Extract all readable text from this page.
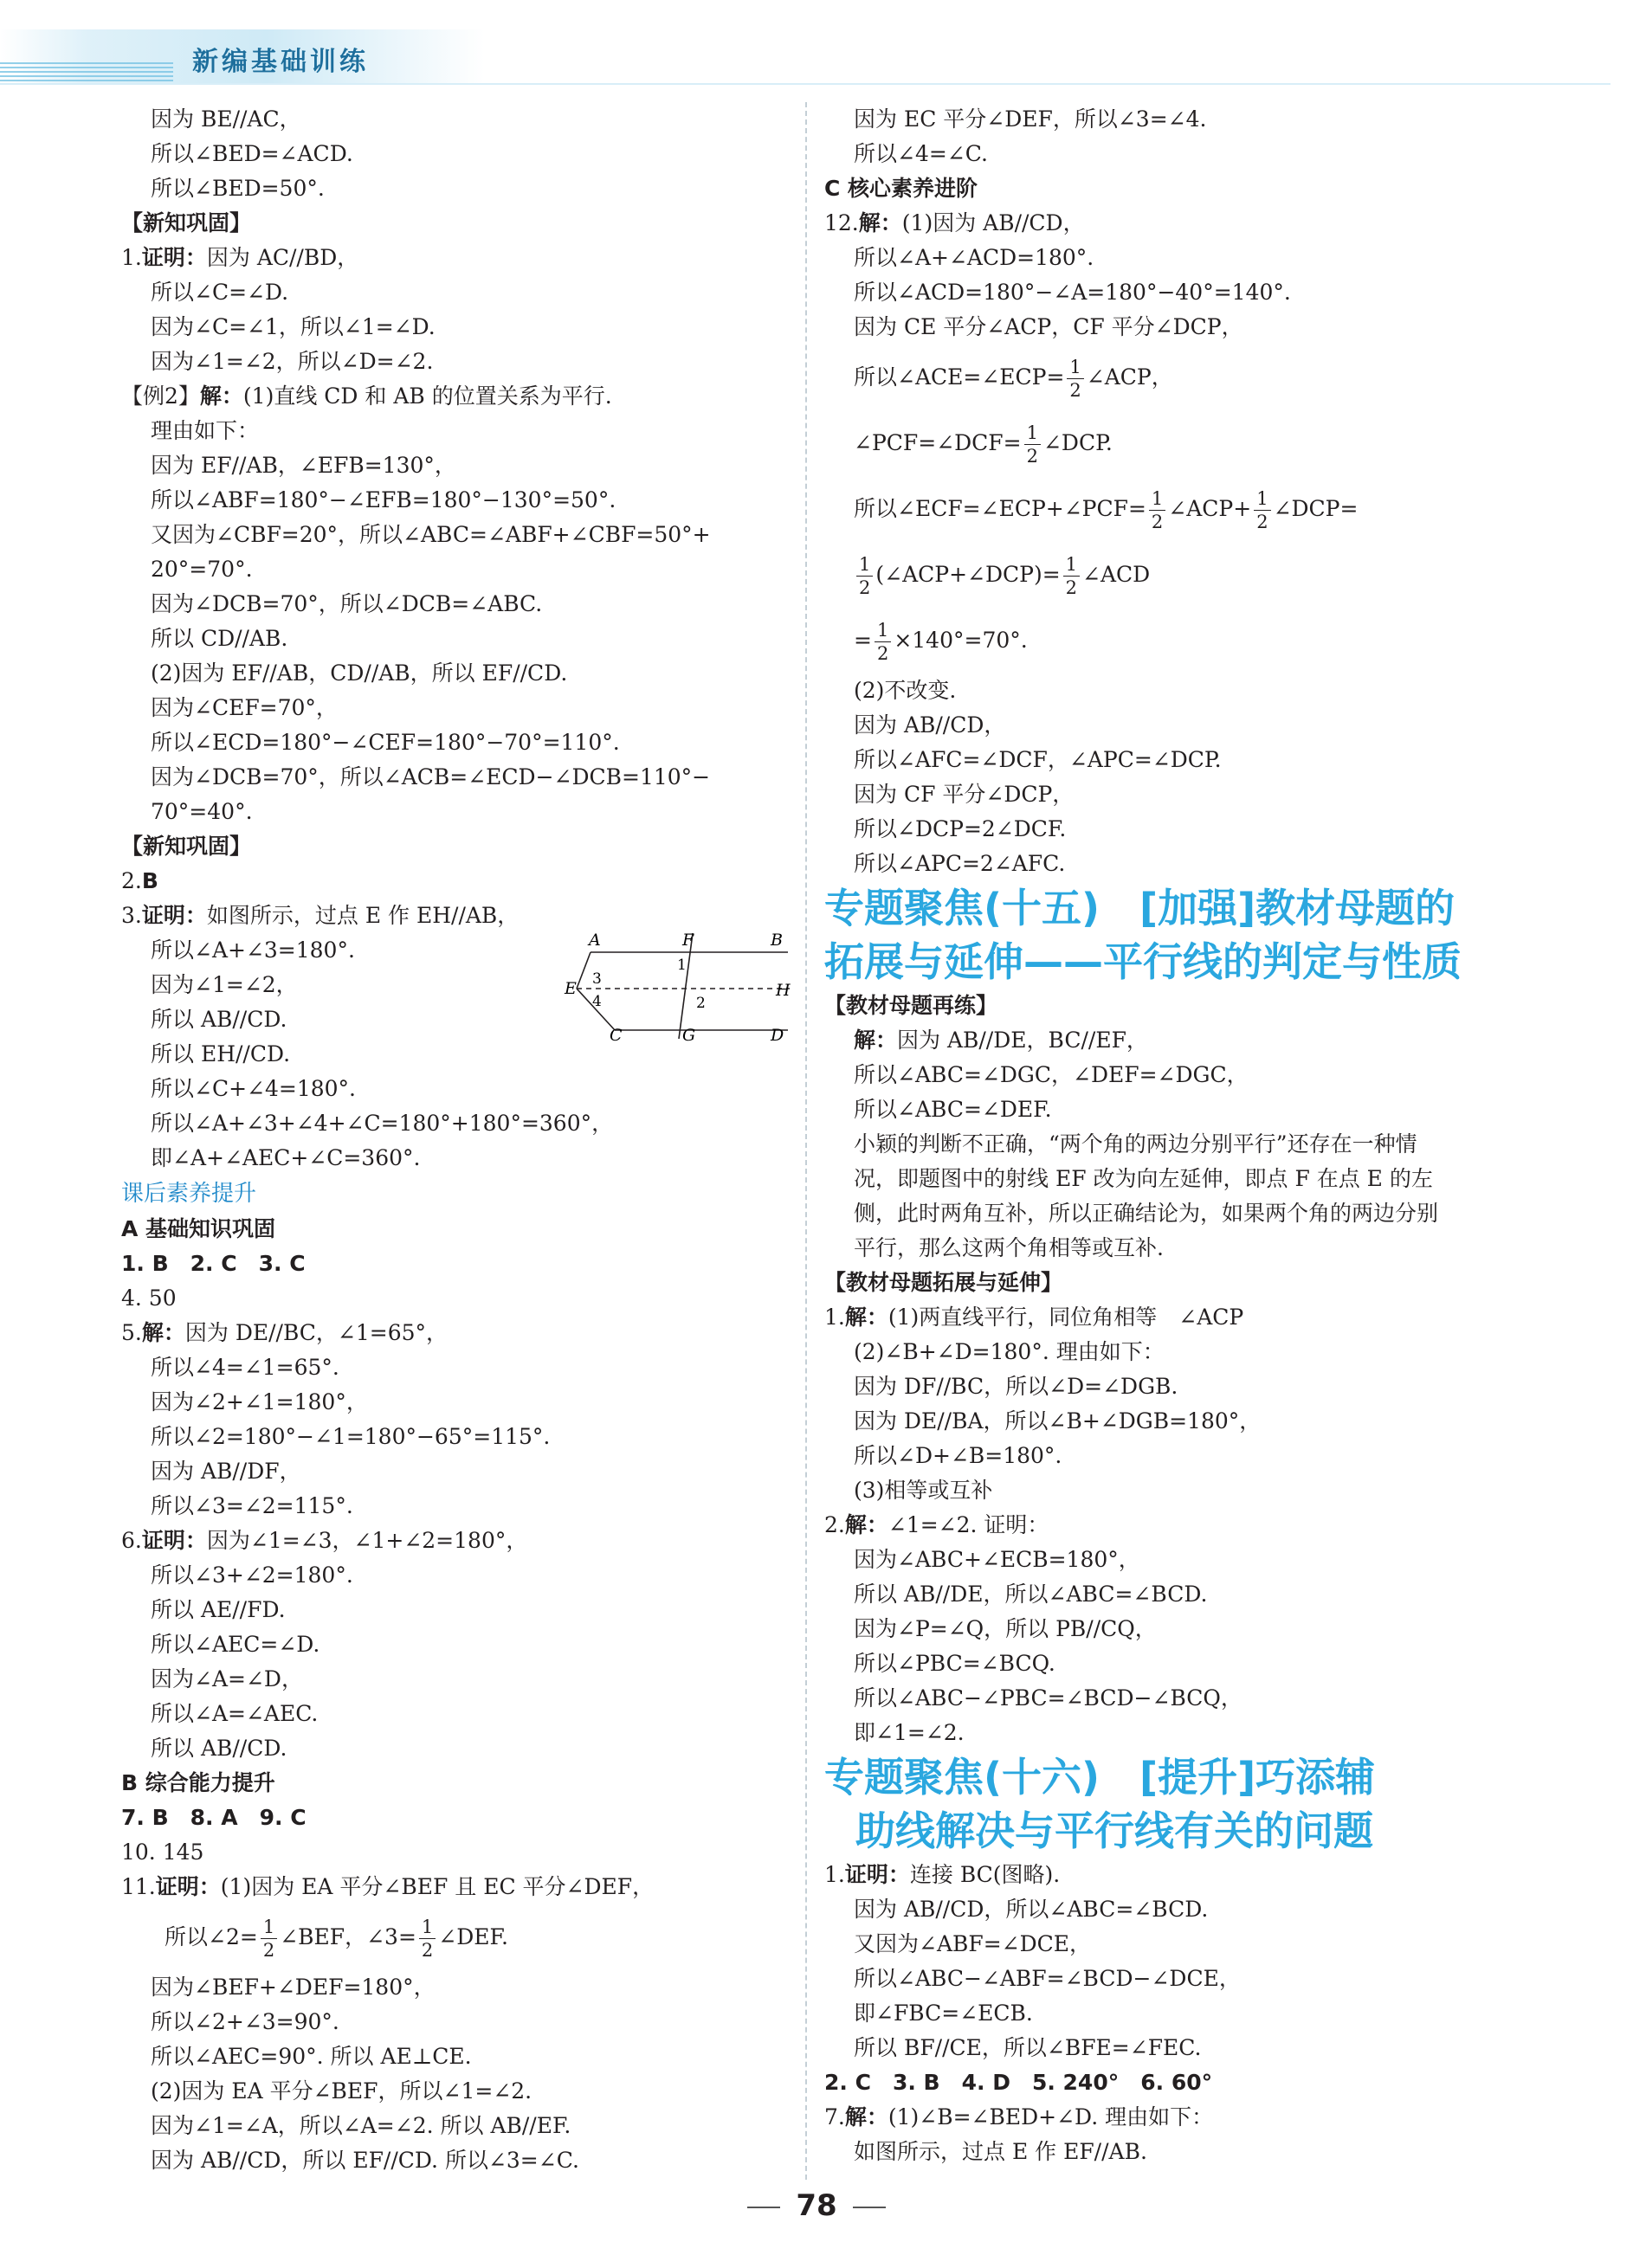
新编基础训练
因为 BE//AC，
所以∠BED=∠ACD.
所以∠BED=50°.
【新知巩固】
1.证明：因为 AC//BD，
所以∠C=∠D.
因为∠C=∠1，所以∠1=∠D.
因为∠1=∠2，所以∠D=∠2.
【例2】解：(1)直线 CD 和 AB 的位置关系为平行.
理由如下：
因为 EF//AB，∠EFB=130°，
所以∠ABF=180°−∠EFB=180°−130°=50°.
又因为∠CBF=20°，所以∠ABC=∠ABF+∠CBF=50°+
20°=70°.
因为∠DCB=70°，所以∠DCB=∠ABC.
所以 CD//AB.
(2)因为 EF//AB，CD//AB，所以 EF//CD.
因为∠CEF=70°，
所以∠ECD=180°−∠CEF=180°−70°=110°.
因为∠DCB=70°，所以∠ACB=∠ECD−∠DCB=110°−
70°=40°.
【新知巩固】
2.B
3.证明：如图所示，过点 E 作 EH//AB，
所以∠A+∠3=180°.
因为∠1=∠2，
所以 AB//CD.
所以 EH//CD.
所以∠C+∠4=180°.
所以∠A+∠3+∠4+∠C=180°+180°=360°，
即∠A+∠AEC+∠C=360°.
课后素养提升
A 基础知识巩固
1. B　2. C　3. C
4. 50
5.解：因为 DE//BC，∠1=65°，
所以∠4=∠1=65°.
因为∠2+∠1=180°，
所以∠2=180°−∠1=180°−65°=115°.
因为 AB//DF，
所以∠3=∠2=115°.
6.证明：因为∠1=∠3，∠1+∠2=180°，
所以∠3+∠2=180°.
所以 AE//FD.
所以∠AEC=∠D.
因为∠A=∠D，
所以∠A=∠AEC.
所以 AB//CD.
B 综合能力提升
7. B　8. A　9. C
10. 145
11.证明：(1)因为 EA 平分∠BEF 且 EC 平分∠DEF，
所以∠2= $\frac{1}{2}$ ∠BEF，∠3= $\frac{1}{2}$ ∠DEF.
因为∠BEF+∠DEF=180°，
所以∠2+∠3=90°.
所以∠AEC=90°. 所以 AE⊥CE.
(2)因为 EA 平分∠BEF，所以∠1=∠2.
因为∠1=∠A，所以∠A=∠2. 所以 AB//EF.
因为 AB//CD，所以 EF//CD. 所以∠3=∠C.
A	F	B
E
1
3
H
4	2
C	G	D
因为 EC 平分∠DEF，所以∠3=∠4.
所以∠4=∠C.
C 核心素养进阶
12.解：(1)因为 AB//CD，
所以∠A+∠ACD=180°.
所以∠ACD=180°−∠A=180°−40°=140°.
因为 CE 平分∠ACP，CF 平分∠DCP，
所以∠ACE=∠ECP= $\frac{1}{2}$ ∠ACP，
∠PCF=∠DCF= $\frac{1}{2}$ ∠DCP.
所以∠ECF=∠ECP+∠PCF= $\frac{1}{2}$ ∠ACP+ $\frac{1}{2}$ ∠DCP=
$\frac{1}{2}$ (∠ACP+∠DCP)= $\frac{1}{2}$ ∠ACD
= $\frac{1}{2} \times 140^\circ=70^\circ$.
(2)不改变.
因为 AB//CD，
所以∠AFC=∠DCF，∠APC=∠DCP.
因为 CF 平分∠DCP，
所以∠DCP=2∠DCF.
所以∠APC=2∠AFC.
专题聚焦(十五)　[加强]教材母题的
拓展与延伸——平行线的判定与性质
【教材母题再练】
解：因为 AB//DE，BC//EF，
所以∠ABC=∠DGC，∠DEF=∠DGC，
所以∠ABC=∠DEF.
小颖的判断不正确，“两个角的两边分别平行”还存在一种情
况，即题图中的射线 EF 改为向左延伸，即点 F 在点 E 的左
侧，此时两角互补，所以正确结论为，如果两个角的两边分别
平行，那么这两个角相等或互补.
【教材母题拓展与延伸】
1.解：(1)两直线平行，同位角相等　∠ACP
(2)∠B+∠D=180°. 理由如下：
因为 DF//BC，所以∠D=∠DGB.
因为 DE//BA，所以∠B+∠DGB=180°，
所以∠D+∠B=180°.
(3)相等或互补
2.解：∠1=∠2. 证明：
因为∠ABC+∠ECB=180°，
所以 AB//DE，所以∠ABC=∠BCD.
因为∠P=∠Q，所以 PB//CQ，
所以∠PBC=∠BCQ.
所以∠ABC−∠PBC=∠BCD−∠BCQ，
即∠1=∠2.
专题聚焦(十六)　[提升]巧添辅
助线解决与平行线有关的问题
1.证明：连接 BC(图略).
因为 AB//CD，所以∠ABC=∠BCD.
又因为∠ABF=∠DCE，
所以∠ABC−∠ABF=∠BCD−∠DCE，
即∠FBC=∠ECB.
所以 BF//CE，所以∠BFE=∠FEC.
2. C　3. B　4. D　5. 240°　6. 60°
7.解：(1)∠B=∠BED+∠D. 理由如下：
如图所示，过点 E 作 EF//AB.
78
